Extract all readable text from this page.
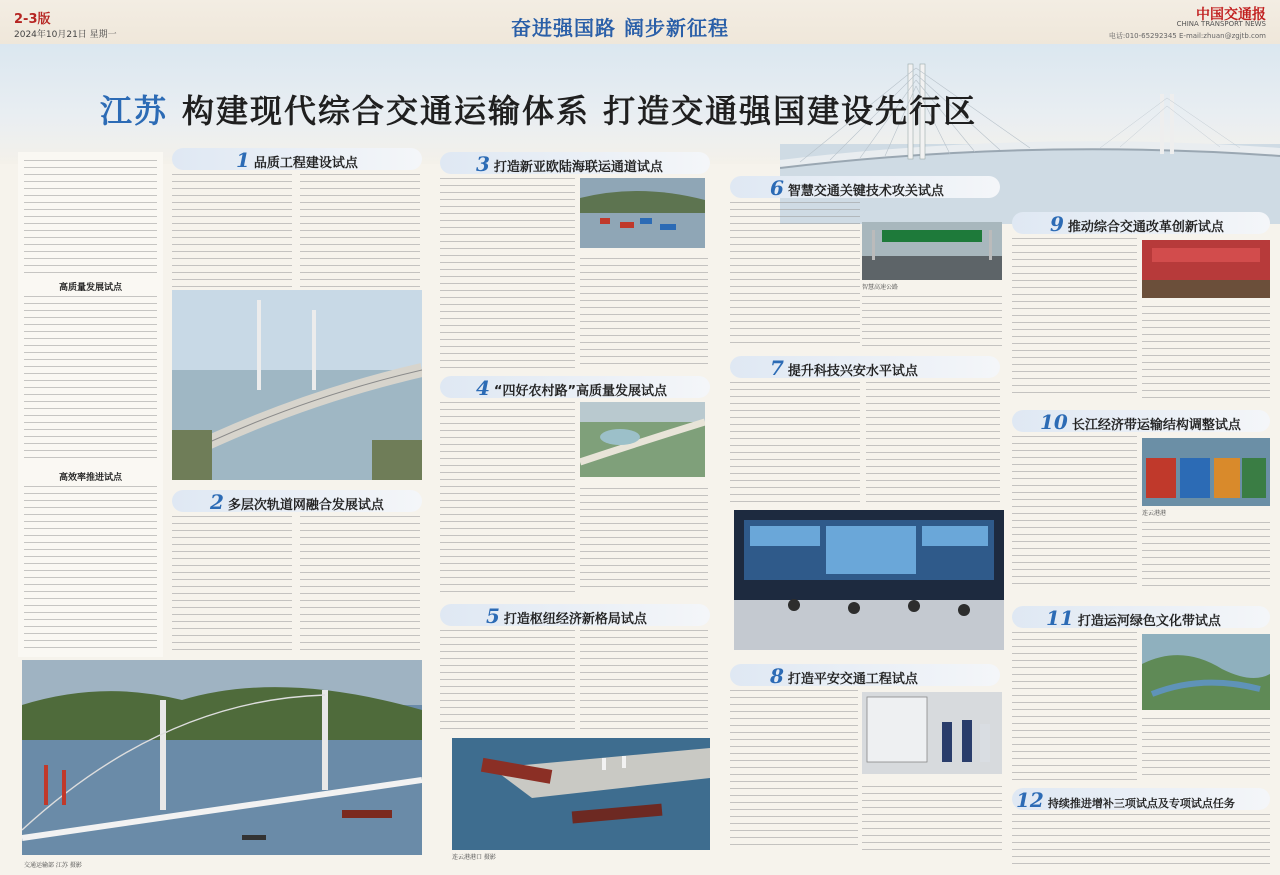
2-3版
2024年10月21日 星期一	奋进强国路 阔步新征程
中国交通报
CHINA TRANSPORT NEWS
电话:010-65292345 E-mail:zhuan@zgjtb.com
江苏 构建现代综合交通运输体系 打造交通强国建设先行区
高质量发展试点
高效率推进试点
1 品质工程建设试点
2 多层次轨道网融合发展试点
交通运输部 江苏 摄影
3 打造新亚欧陆海联运通道试点
4 “四好农村路”高质量发展试点
5 打造枢纽经济新格局试点
连云港港口 摄影
6 智慧交通关键技术攻关试点
智慧高速公路
7 提升科技兴安水平试点
8 打造平安交通工程试点
9 推动综合交通改革创新试点
10 长江经济带运输结构调整试点
连云港港
11 打造运河绿色文化带试点
12 持续推进增补三项试点及专项试点任务
